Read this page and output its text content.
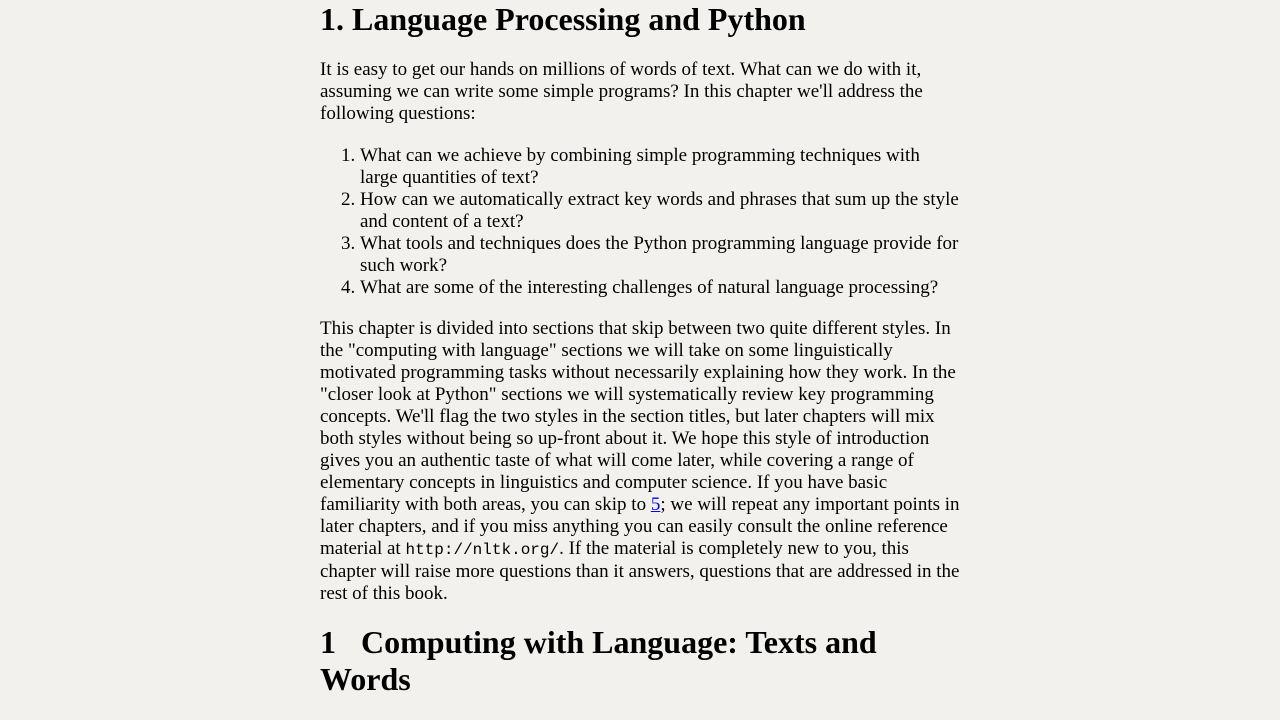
1. Language Processing and Python

It is easy to get our hands on millions of words of text. What can we do with it, assuming we can write some simple programs? In this chapter we'll address the following questions:

1. What can we achieve by combining simple programming techniques with large quantities of text?
2. How can we automatically extract key words and phrases that sum up the style and content of a text?
3. What tools and techniques does the Python programming language provide for such work?
4. What are some of the interesting challenges of natural language processing?

This chapter is divided into sections that skip between two quite different styles. In the "computing with language" sections we will take on some linguistically motivated programming tasks without necessarily explaining how they work. In the "closer look at Python" sections we will systematically review key programming concepts. We'll flag the two styles in the section titles, but later chapters will mix both styles without being so up-front about it. We hope this style of introduction gives you an authentic taste of what will come later, while covering a range of elementary concepts in linguistics and computer science. If you have basic familiarity with both areas, you can skip to 5; we will repeat any important points in later chapters, and if you miss anything you can easily consult the online reference material at http://nltk.org/. If the material is completely new to you, this chapter will raise more questions than it answers, questions that are addressed in the rest of this book.

1 Computing with Language: Texts and Words
